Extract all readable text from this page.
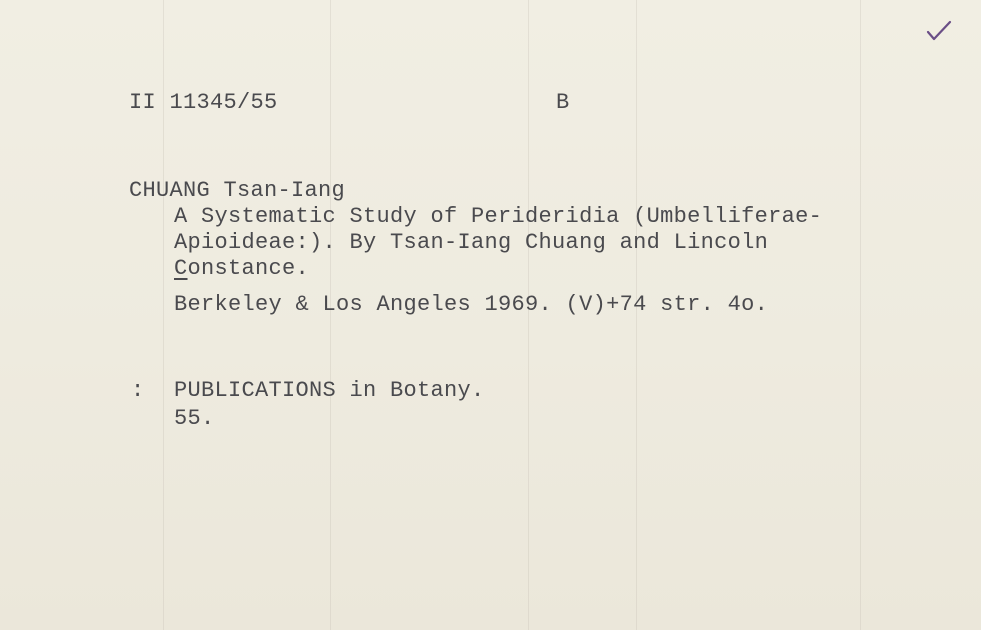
II 11345/55	B
CHUANG Tsan-Iang
A Systematic Study of Perideridia (Umbelliferae-
Apioideae:). By Tsan-Iang Chuang and Lincoln
Constance.
Berkeley & Los Angeles 1969. (V)+74 str. 4o.
: PUBLICATIONS in Botany.
55.
